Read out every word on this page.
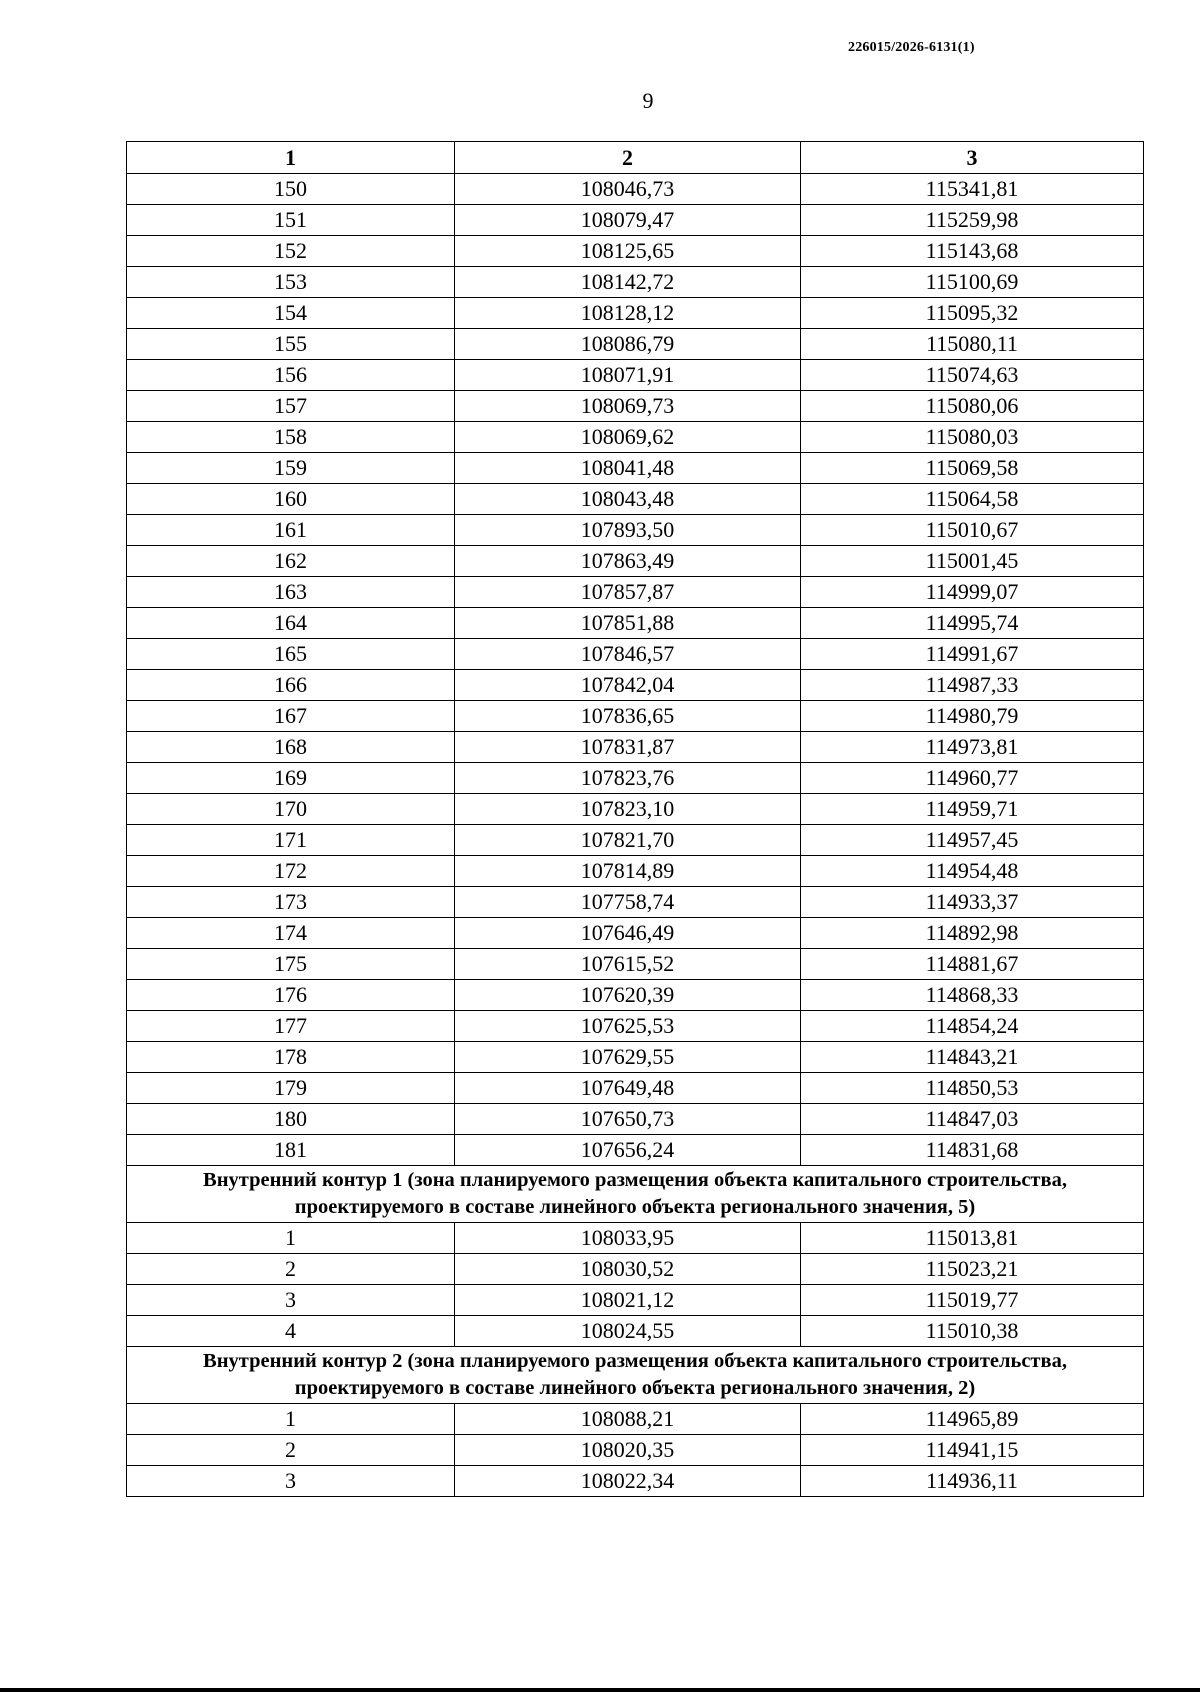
226015/2026-6131(1)
9
1	2	3
150	108046,73	115341,81
151	108079,47	115259,98
152	108125,65	115143,68
153	108142,72	115100,69
154	108128,12	115095,32
155	108086,79	115080,11
156	108071,91	115074,63
157	108069,73	115080,06
158	108069,62	115080,03
159	108041,48	115069,58
160	108043,48	115064,58
161	107893,50	115010,67
162	107863,49	115001,45
163	107857,87	114999,07
164	107851,88	114995,74
165	107846,57	114991,67
166	107842,04	114987,33
167	107836,65	114980,79
168	107831,87	114973,81
169	107823,76	114960,77
170	107823,10	114959,71
171	107821,70	114957,45
172	107814,89	114954,48
173	107758,74	114933,37
174	107646,49	114892,98
175	107615,52	114881,67
176	107620,39	114868,33
177	107625,53	114854,24
178	107629,55	114843,21
179	107649,48	114850,53
180	107650,73	114847,03
181	107656,24	114831,68
Внутренний контур 1 (зона планируемого размещения объекта капитального строительства, проектируемого в составе линейного объекта регионального значения, 5)		
1	108033,95	115013,81
2	108030,52	115023,21
3	108021,12	115019,77
4	108024,55	115010,38
Внутренний контур 2 (зона планируемого размещения объекта капитального строительства, проектируемого в составе линейного объекта регионального значения, 2)		
1	108088,21	114965,89
2	108020,35	114941,15
3	108022,34	114936,11
